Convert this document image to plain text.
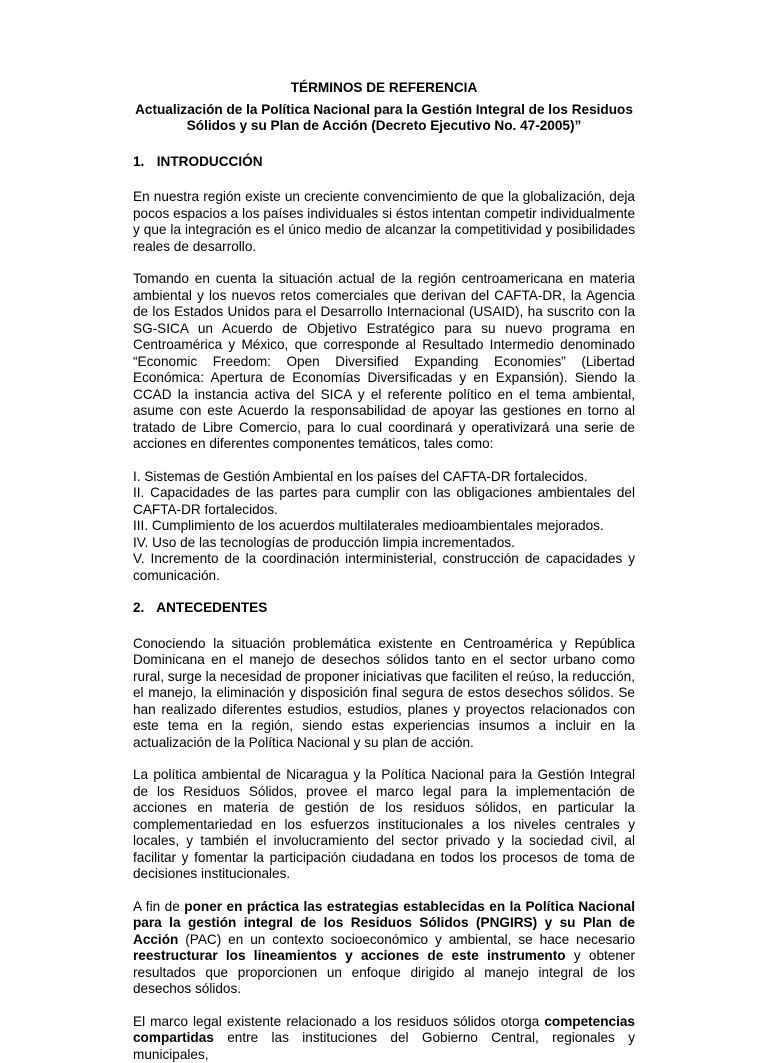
TÉRMINOS DE REFERENCIA
Actualización de la Política Nacional para la Gestión Integral de los Residuos Sólidos y su Plan de Acción (Decreto Ejecutivo No. 47-2005)”
1. INTRODUCCIÓN

En nuestra región existe un creciente convencimiento de que la globalización, deja pocos espacios a los países individuales si éstos intentan competir individualmente y que la integración es el único medio de alcanzar la competitividad y posibilidades reales de desarrollo.

Tomando en cuenta la situación actual de la región centroamericana en materia ambiental y los nuevos retos comerciales que derivan del CAFTA-DR, la Agencia de los Estados Unidos para el Desarrollo Internacional (USAID), ha suscrito con la SG-SICA un Acuerdo de Objetivo Estratégico para su nuevo programa en Centroamérica y México, que corresponde al Resultado Intermedio denominado “Economic Freedom: Open Diversified Expanding Economies” (Libertad Económica: Apertura de Economías Diversificadas y en Expansión). Siendo la CCAD la instancia activa del SICA y el referente político en el tema ambiental, asume con este Acuerdo la responsabilidad de apoyar las gestiones en torno al tratado de Libre Comercio, para lo cual coordinará y operativizará una serie de acciones en diferentes componentes temáticos, tales como:

I. Sistemas de Gestión Ambiental en los países del CAFTA-DR fortalecidos.
II. Capacidades de las partes para cumplir con las obligaciones ambientales del CAFTA-DR fortalecidos.
III. Cumplimiento de los acuerdos multilaterales medioambientales mejorados.
IV. Uso de las tecnologías de producción limpia incrementados.
V. Incremento de la coordinación interministerial, construcción de capacidades y comunicación.
2. ANTECEDENTES

Conociendo la situación problemática existente en Centroamérica y República Dominicana en el manejo de desechos sólidos tanto en el sector urbano como rural, surge la necesidad de proponer iniciativas que faciliten el reúso, la reducción, el manejo, la eliminación y disposición final segura de estos desechos sólidos. Se han realizado diferentes estudios, estudios, planes y proyectos relacionados con este tema en la región, siendo estas experiencias insumos a incluir en la actualización de la Política Nacional y su plan de acción.

La política ambiental de Nicaragua y la Política Nacional para la Gestión Integral de los Residuos Sólidos, provee el marco legal para la implementación de acciones en materia de gestión de los residuos sólidos, en particular la complementariedad en los esfuerzos institucionales a los niveles centrales y locales, y también el involucramiento del sector privado y la sociedad civil, al facilitar y fomentar la participación ciudadana en todos los procesos de toma de decisiones institucionales.

A fin de poner en práctica las estrategias establecidas en la Política Nacional para la gestión integral de los Residuos Sólidos (PNGIRS) y su Plan de Acción (PAC) en un contexto socioeconómico y ambiental, se hace necesario reestructurar los lineamientos y acciones de este instrumento y obtener resultados que proporcionen un enfoque dirigido al manejo integral de los desechos sólidos.

El marco legal existente relacionado a los residuos sólidos otorga competencias compartidas entre las instituciones del Gobierno Central, regionales y municipales,
